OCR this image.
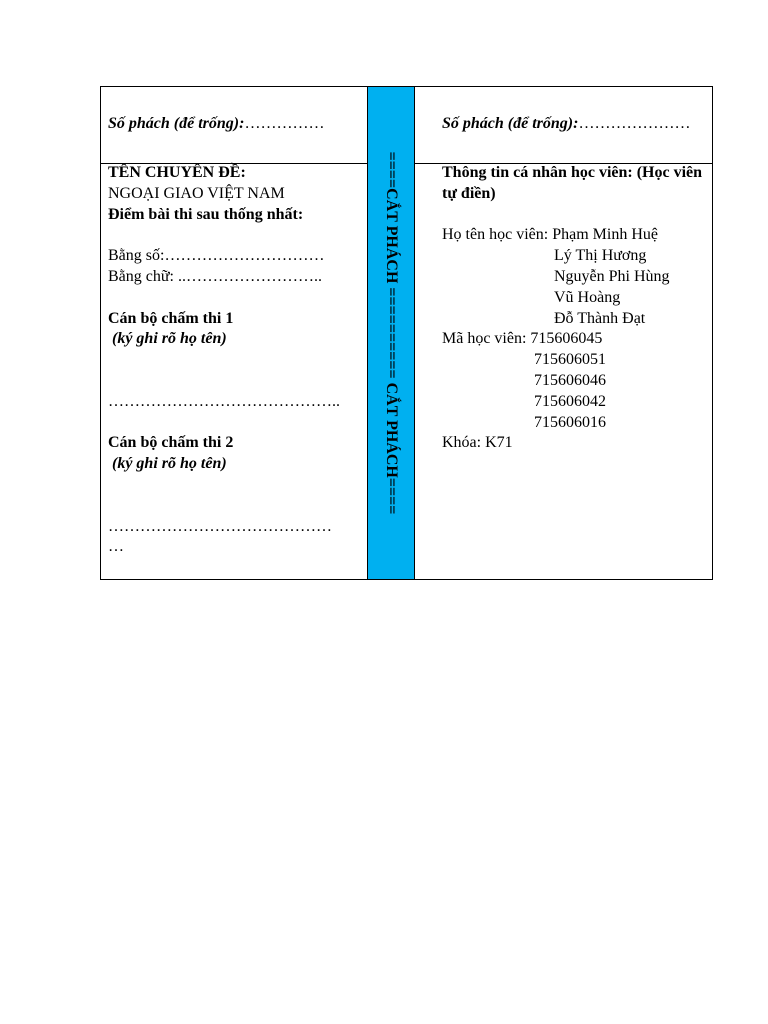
Số phách (để trống):……………
TÊN CHUYÊN ĐỀ:
NGOẠI GIAO VIỆT NAM
Điểm bài thi sau thống nhất:
Bằng số:…………………………
Bằng chữ: ..……………………..
Cán bộ chấm thi 1
(ký ghi rõ họ tên)
……………………………………..
Cán bộ chấm thi 2
(ký ghi rõ họ tên)
……………………………………
…
====CẮT PHÁCH ========== CẮT PHÁCH====
Số phách (để trống):…………………
Thông tin cá nhân học viên: (Học viên tự điền)
Họ tên học viên: Phạm Minh Huệ
Lý Thị Hương
Nguyễn Phi Hùng
Vũ Hoàng
Đỗ Thành Đạt
Mã học viên: 715606045
715606051
715606046
715606042
715606016
Khóa: K71
